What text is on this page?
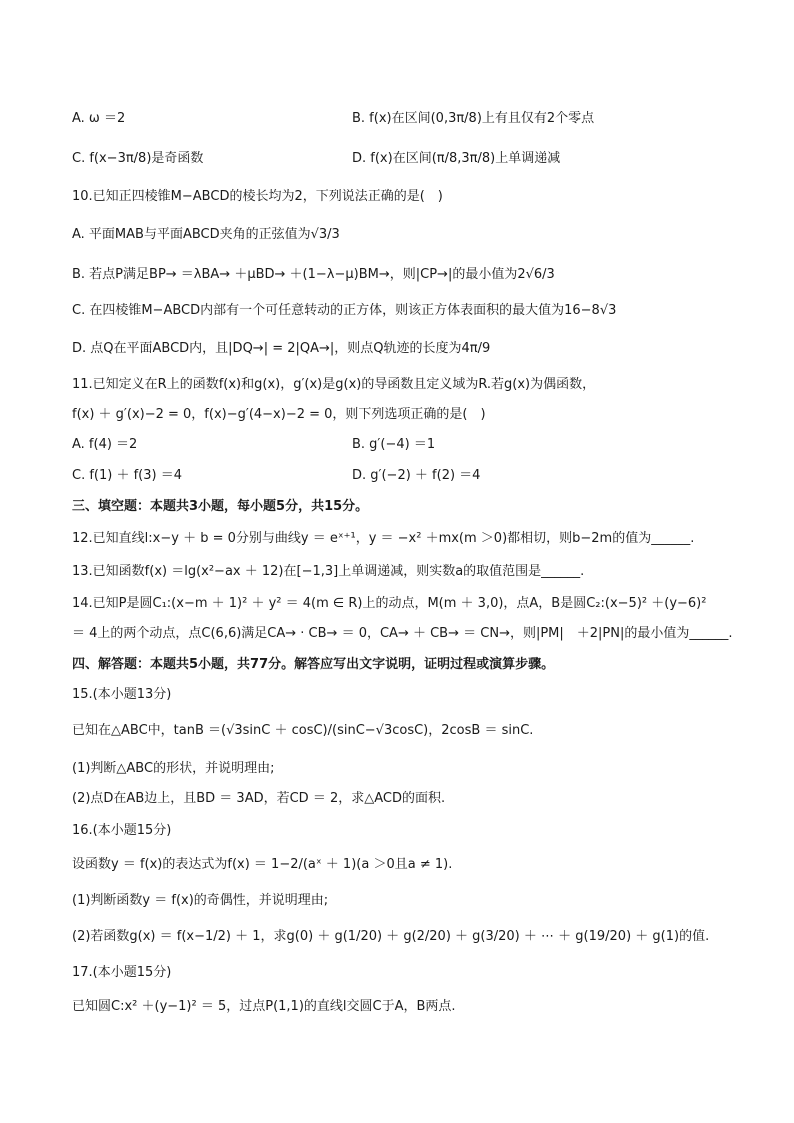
A. ω ＝2	B. f(x)在区间(0,3π/8)上有且仅有2个零点
C. f(x−3π/8)是奇函数	D. f(x)在区间(π/8,3π/8)上单调递减
10.已知正四棱锥M−ABCD的棱长均为2，下列说法正确的是(　)
A. 平面MAB与平面ABCD夹角的正弦值为√3/3
B. 若点P满足BP→ ＝λBA→ ＋μBD→ ＋(1−λ−μ)BM→，则|CP→|的最小值为2√6/3
C. 在四棱锥M−ABCD内部有一个可任意转动的正方体，则该正方体表面积的最大值为16−8√3
D. 点Q在平面ABCD内，且|DQ→| = 2|QA→|，则点Q轨迹的长度为4π/9
11.已知定义在R上的函数f(x)和g(x)，g′(x)是g(x)的导函数且定义域为R.若g(x)为偶函数，
f(x) ＋ g′(x)−2 = 0，f(x)−g′(4−x)−2 = 0，则下列选项正确的是(　)
A. f(4) ＝2	B. g′(−4) ＝1
C. f(1) ＋ f(3) ＝4	D. g′(−2) ＋ f(2) ＝4
三、填空题：本题共3小题，每小题5分，共15分。
12.已知直线l:x−y ＋ b = 0分别与曲线y ＝ eˣ⁺¹，y ＝ −x² ＋mx(m ＞0)都相切，则b−2m的值为______.
13.已知函数f(x) ＝lg(x²−ax ＋ 12)在[−1,3]上单调递减，则实数a的取值范围是______.
14.已知P是圆C₁:(x−m ＋ 1)² ＋ y² ＝ 4(m ∈ R)上的动点，M(m ＋ 3,0)，点A，B是圆C₂:(x−5)² ＋(y−6)²
＝ 4上的两个动点，点C(6,6)满足CA→ · CB→ ＝ 0，CA→ ＋ CB→ ＝ CN→，则|PM|　＋2|PN|的最小值为______.
四、解答题：本题共5小题，共77分。解答应写出文字说明，证明过程或演算步骤。
15.(本小题13分)
已知在△ABC中，tanB ＝(√3sinC ＋ cosC)/(sinC−√3cosC)，2cosB ＝ sinC.
(1)判断△ABC的形状，并说明理由;
(2)点D在AB边上，且BD ＝ 3AD，若CD ＝ 2，求△ACD的面积.
16.(本小题15分)
设函数y ＝ f(x)的表达式为f(x) ＝ 1−2/(aˣ ＋ 1)(a ＞0且a ≠ 1).
(1)判断函数y ＝ f(x)的奇偶性，并说明理由;
(2)若函数g(x) ＝ f(x−1/2) ＋ 1，求g(0) ＋ g(1/20) ＋ g(2/20) ＋ g(3/20) ＋ ⋯ ＋ g(19/20) ＋ g(1)的值.
17.(本小题15分)
已知圆C:x² ＋(y−1)² ＝ 5，过点P(1,1)的直线l交圆C于A，B两点.
